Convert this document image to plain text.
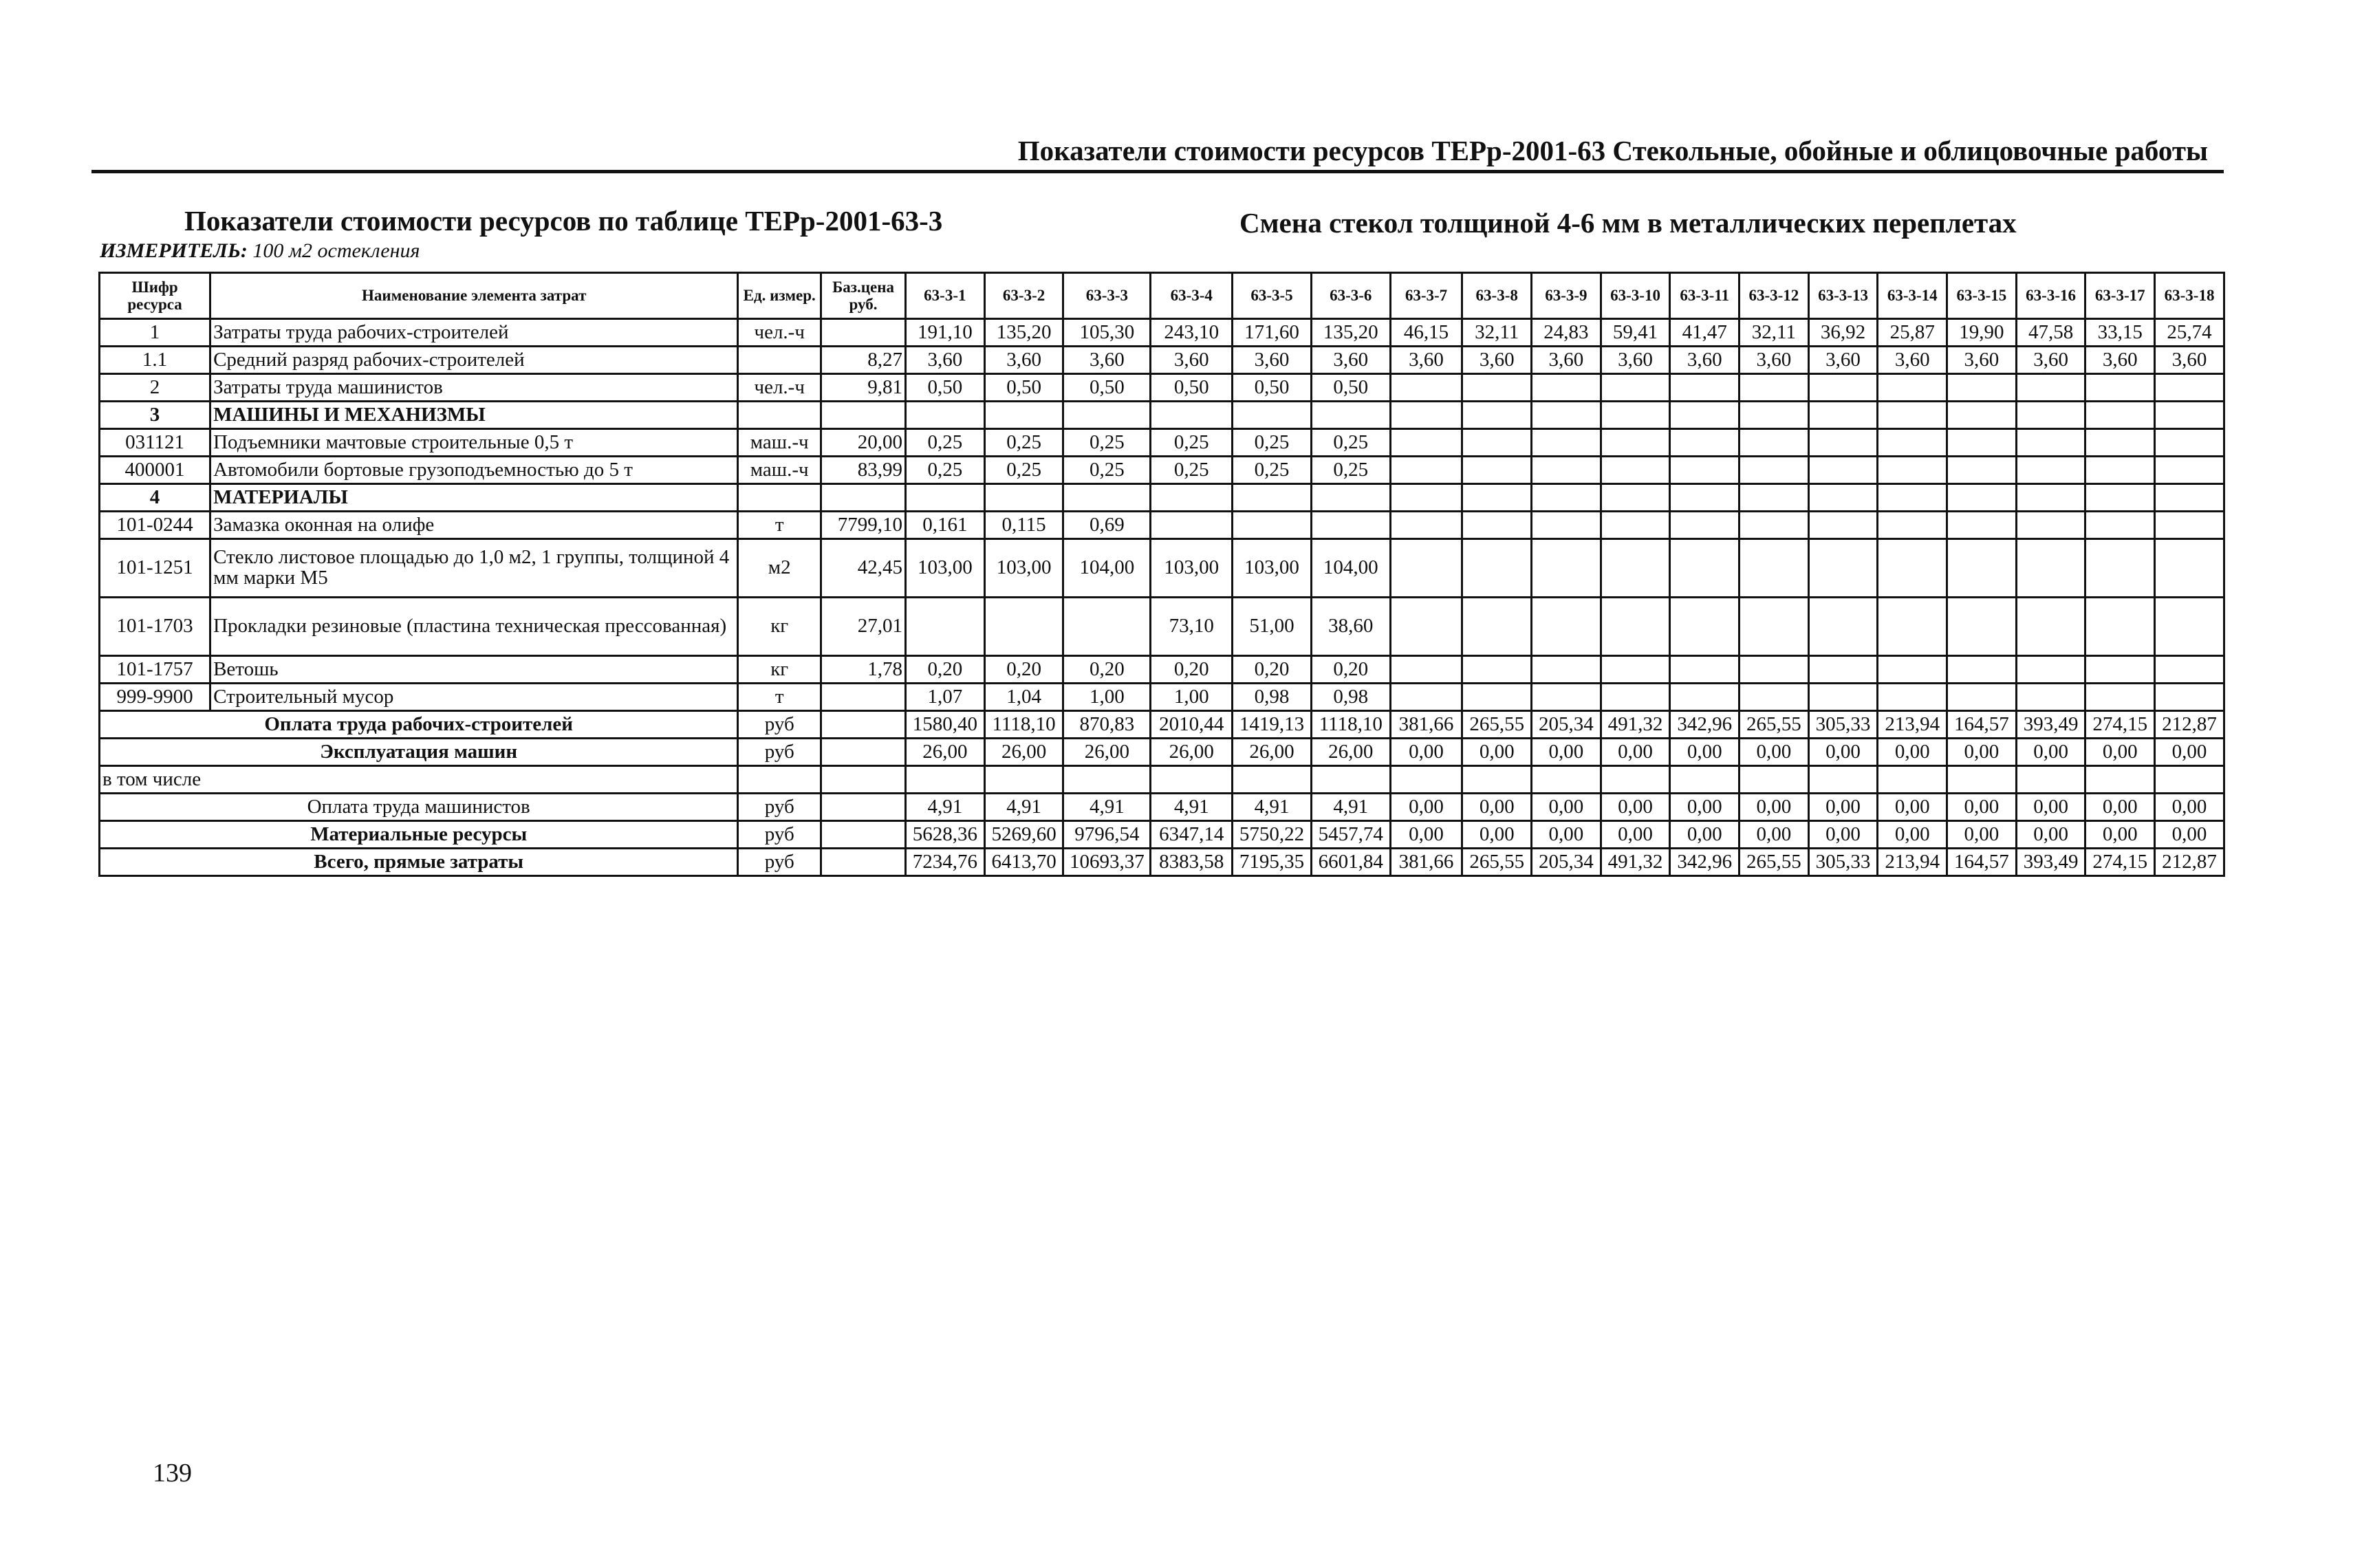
Показатели стоимости ресурсов ТЕРр-2001-63 Стекольные, обойные и облицовочные работы
Показатели стоимости ресурсов по таблице ТЕРр-2001-63-3	Смена стекол толщиной 4-6 мм в металлических переплетах
ИЗМЕРИТЕЛЬ: 100 м2 остекления
Шифр ресурса	Наименование элемента затрат	Ед. измер.	Баз.цена руб.	63-3-1	63-3-2	63-3-3	63-3-4	63-3-5	63-3-6	63-3-7	63-3-8	63-3-9	63-3-10	63-3-11	63-3-12	63-3-13	63-3-14	63-3-15	63-3-16	63-3-17	63-3-18
1	Затраты труда рабочих-строителей	чел.-ч		191,10	135,20	105,30	243,10	171,60	135,20	46,15	32,11	24,83	59,41	41,47	32,11	36,92	25,87	19,90	47,58	33,15	25,74
1.1	Средний разряд рабочих-строителей		8,27	3,60	3,60	3,60	3,60	3,60	3,60	3,60	3,60	3,60	3,60	3,60	3,60	3,60	3,60	3,60	3,60	3,60	3,60
2	Затраты труда машинистов	чел.-ч	9,81	0,50	0,50	0,50	0,50	0,50	0,50												
3	МАШИНЫ И МЕХАНИЗМЫ																				
031121	Подъемники мачтовые строительные 0,5 т	маш.-ч	20,00	0,25	0,25	0,25	0,25	0,25	0,25												
400001	Автомобили бортовые грузоподъемностью до 5 т	маш.-ч	83,99	0,25	0,25	0,25	0,25	0,25	0,25												
4	МАТЕРИАЛЫ																				
101-0244	Замазка оконная на олифе	т	7799,10	0,161	0,115	0,69															
101-1251	Стекло листовое площадью до 1,0 м2, 1 группы, толщиной 4 мм марки М5	м2	42,45	103,00	103,00	104,00	103,00	103,00	104,00												
101-1703	Прокладки резиновые (пластина техническая прессованная)	кг	27,01				73,10	51,00	38,60												
101-1757	Ветошь	кг	1,78	0,20	0,20	0,20	0,20	0,20	0,20												
999-9900	Строительный мусор	т		1,07	1,04	1,00	1,00	0,98	0,98												
Оплата труда рабочих-строителей		руб		1580,40	1118,10	870,83	2010,44	1419,13	1118,10	381,66	265,55	205,34	491,32	342,96	265,55	305,33	213,94	164,57	393,49	274,15	212,87
Эксплуатация машин		руб		26,00	26,00	26,00	26,00	26,00	26,00	0,00	0,00	0,00	0,00	0,00	0,00	0,00	0,00	0,00	0,00	0,00	0,00
в том числе																					
Оплата труда машинистов		руб		4,91	4,91	4,91	4,91	4,91	4,91	0,00	0,00	0,00	0,00	0,00	0,00	0,00	0,00	0,00	0,00	0,00	0,00
Материальные ресурсы		руб		5628,36	5269,60	9796,54	6347,14	5750,22	5457,74	0,00	0,00	0,00	0,00	0,00	0,00	0,00	0,00	0,00	0,00	0,00	0,00
Всего, прямые затраты		руб		7234,76	6413,70	10693,37	8383,58	7195,35	6601,84	381,66	265,55	205,34	491,32	342,96	265,55	305,33	213,94	164,57	393,49	274,15	212,87
139
